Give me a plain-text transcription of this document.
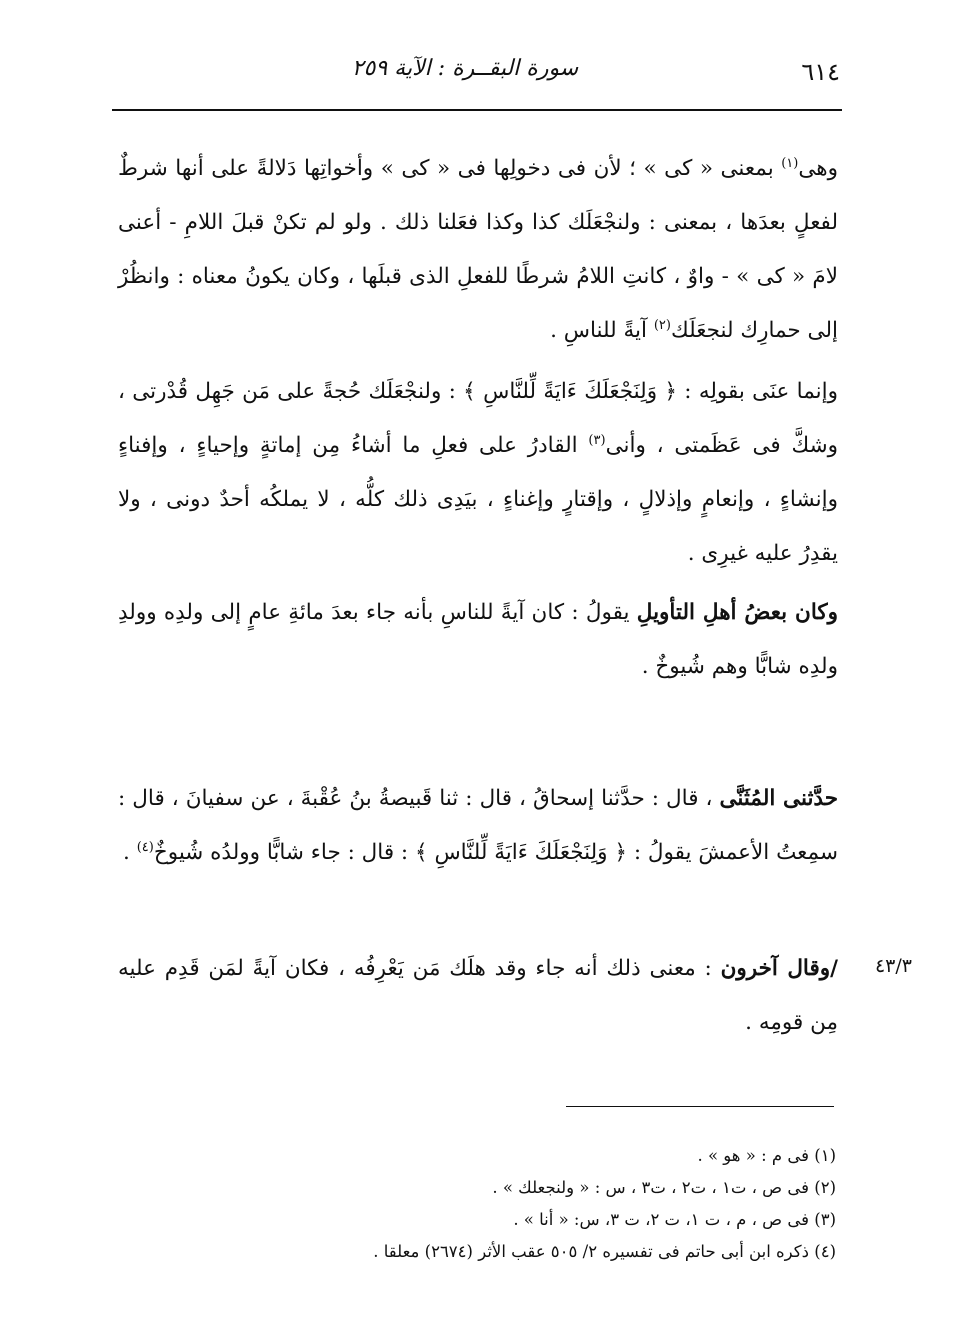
٦١٤
سورة البقــرة : الآية ٢٥٩
وهى$^{(١)}$ بمعنى « كى » ؛ لأن فى دخولِها فى « كى » وأخواتِها دَلالةً على أنها شرطٌ لفعلٍ بعدَها ، بمعنى : ولنجْعَلَك كذا وكذا فعَلنا ذلك . ولو لم تكنْ قبلَ اللامِ - أعنى لامَ « كى » - واوٌ ، كانتِ اللامُ شرطًا للفعلِ الذى قبلَها ، وكان يكونُ معناه : وانظُرْ إلى حمارِك لنجعَلَك$^{(٢)}$ آيةً للناسِ .
وإنما عنَى بقولِه : ﴿ وَلِنَجْعَلَكَ ءَايَةً لِّلنَّاسِ ﴾ : ولنجْعَلَك حُجةً على مَن جَهِل قُدْرتى ، وشكَّ فى عَظَمتى ، وأنى$^{(٣)}$ القادرُ على فعلِ ما أشاءُ مِن إماتةٍ وإحياءٍ ، وإفناءٍ وإنشاءٍ ، وإنعامٍ وإذلالٍ ، وإقتارٍ وإغناءٍ ، بيَدِى ذلك كلُّه ، لا يملكُه أحدٌ دونى ، ولا يقدِرُ عليه غيرِى .
وكان بعضُ أهلِ التأويلِ يقولُ : كان آيةً للناسِ بأنه جاء بعدَ مائةِ عامٍ إلى ولدِه وولدِ ولدِه شابًّا وهم شُيوخٌ .
حدَّثنى المُثَنَّى ، قال : حدَّثنا إسحاقُ ، قال : ثنا قَبيصةُ بنُ عُقْبةَ ، عن سفيانَ ، قال : سمِعتُ الأعمشَ يقولُ : ﴿ وَلِنَجْعَلَكَ ءَايَةً لِّلنَّاسِ ﴾ : قال : جاء شابًّا وولدُه شُيوخٌ$^{(٤)}$ .
٤٣/٣
/وقال آخرون : معنى ذلك أنه جاء وقد هلَك مَن يَعْرِفُه ، فكان آيةً لمَن قَدِم عليه مِن قومِه .
(١) فى م : « هو » .
(٢) فى ص ، ت١ ، ت٢ ، ت٣ ، س : « ولنجعلك » .
(٣) فى ص ، م ، ت ١، ت ٢، ت ٣، س: « أنا » .
(٤) ذكره ابن أبى حاتم فى تفسيره ٢/ ٥٠٥ عقب الأثر (٢٦٧٤) معلقا .
